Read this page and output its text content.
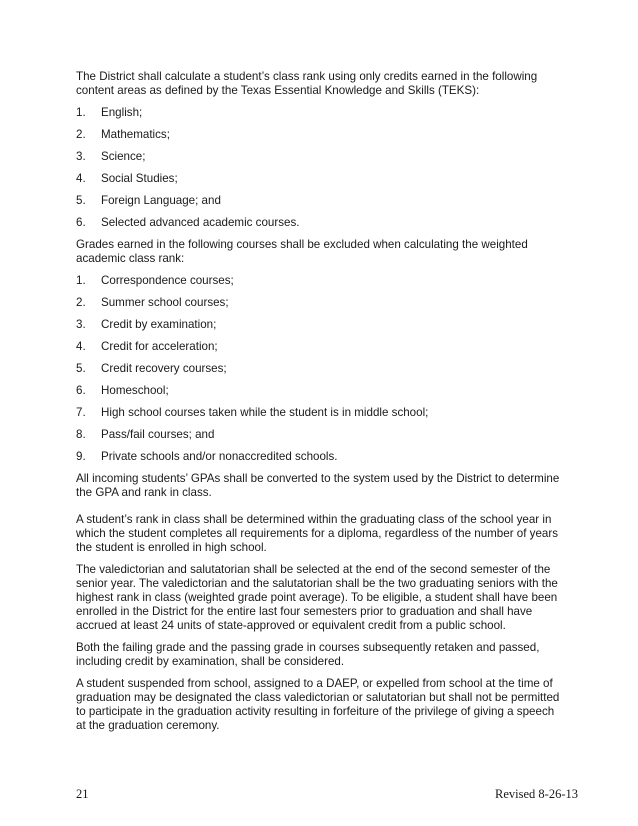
The District shall calculate a student’s class rank using only credits earned in the following content areas as defined by the Texas Essential Knowledge and Skills (TEKS):

1.	English;
2.	Mathematics;
3.	Science;
4.	Social Studies;
5.	Foreign Language; and
6.	Selected advanced academic courses.

Grades earned in the following courses shall be excluded when calculating the weighted academic class rank:

1.	Correspondence courses;
2.	Summer school courses;
3.	Credit by examination;
4.	Credit for acceleration;
5.	Credit recovery courses;
6.	Homeschool;
7.	High school courses taken while the student is in middle school;
8.	Pass/fail courses; and
9.	Private schools and/or nonaccredited schools.

All incoming students’ GPAs shall be converted to the system used by the District to determine the GPA and rank in class.

A student’s rank in class shall be determined within the graduating class of the school year in which the student completes all requirements for a diploma, regardless of the number of years the student is enrolled in high school.

The valedictorian and salutatorian shall be selected at the end of the second semester of the senior year. The valedictorian and the salutatorian shall be the two graduating seniors with the highest rank in class (weighted grade point average). To be eligible, a student shall have been enrolled in the District for the entire last four semesters prior to graduation and shall have accrued at least 24 units of state-approved or equivalent credit from a public school.

Both the failing grade and the passing grade in courses subsequently retaken and passed, including credit by examination, shall be considered.

A student suspended from school, assigned to a DAEP, or expelled from school at the time of graduation may be designated the class valedictorian or salutatorian but shall not be permitted to participate in the graduation activity resulting in forfeiture of the privilege of giving a speech at the graduation ceremony.

21	Revised 8-26-13
